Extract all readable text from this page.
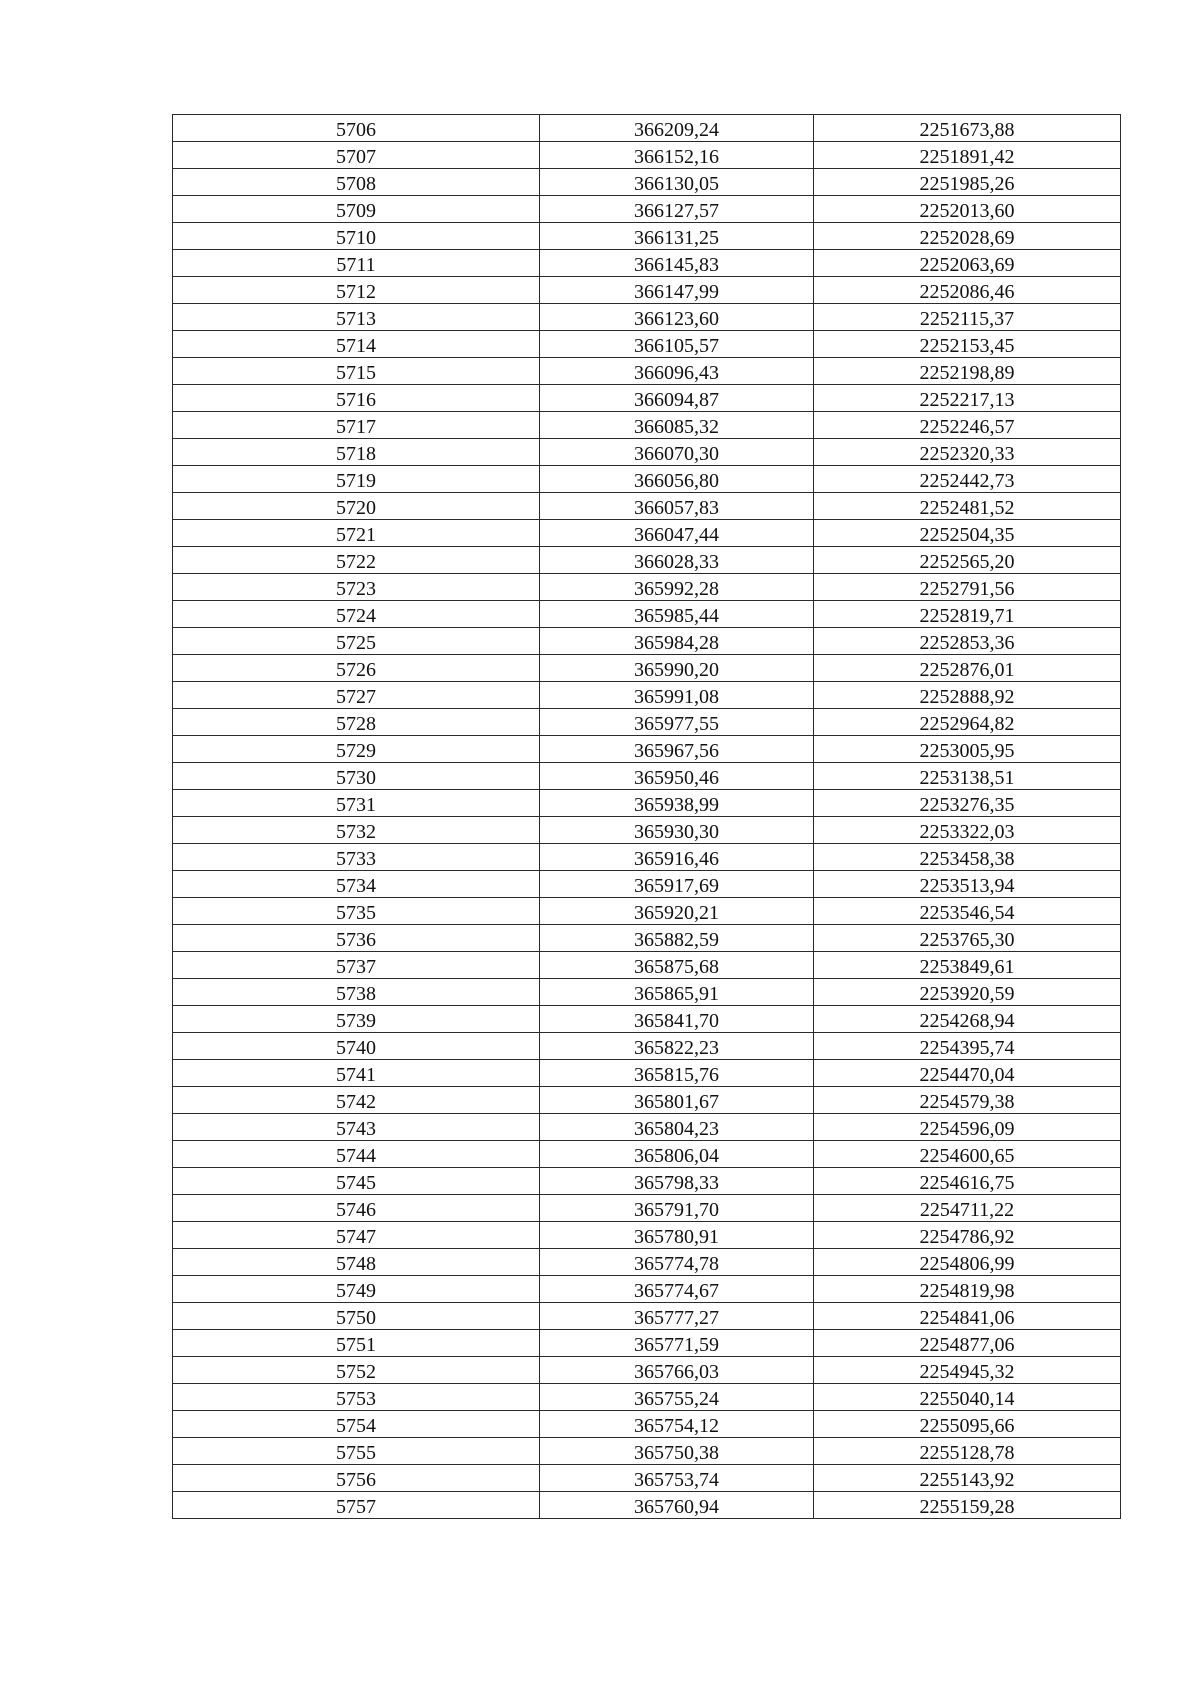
5706	366209,24	2251673,88
5707	366152,16	2251891,42
5708	366130,05	2251985,26
5709	366127,57	2252013,60
5710	366131,25	2252028,69
5711	366145,83	2252063,69
5712	366147,99	2252086,46
5713	366123,60	2252115,37
5714	366105,57	2252153,45
5715	366096,43	2252198,89
5716	366094,87	2252217,13
5717	366085,32	2252246,57
5718	366070,30	2252320,33
5719	366056,80	2252442,73
5720	366057,83	2252481,52
5721	366047,44	2252504,35
5722	366028,33	2252565,20
5723	365992,28	2252791,56
5724	365985,44	2252819,71
5725	365984,28	2252853,36
5726	365990,20	2252876,01
5727	365991,08	2252888,92
5728	365977,55	2252964,82
5729	365967,56	2253005,95
5730	365950,46	2253138,51
5731	365938,99	2253276,35
5732	365930,30	2253322,03
5733	365916,46	2253458,38
5734	365917,69	2253513,94
5735	365920,21	2253546,54
5736	365882,59	2253765,30
5737	365875,68	2253849,61
5738	365865,91	2253920,59
5739	365841,70	2254268,94
5740	365822,23	2254395,74
5741	365815,76	2254470,04
5742	365801,67	2254579,38
5743	365804,23	2254596,09
5744	365806,04	2254600,65
5745	365798,33	2254616,75
5746	365791,70	2254711,22
5747	365780,91	2254786,92
5748	365774,78	2254806,99
5749	365774,67	2254819,98
5750	365777,27	2254841,06
5751	365771,59	2254877,06
5752	365766,03	2254945,32
5753	365755,24	2255040,14
5754	365754,12	2255095,66
5755	365750,38	2255128,78
5756	365753,74	2255143,92
5757	365760,94	2255159,28
